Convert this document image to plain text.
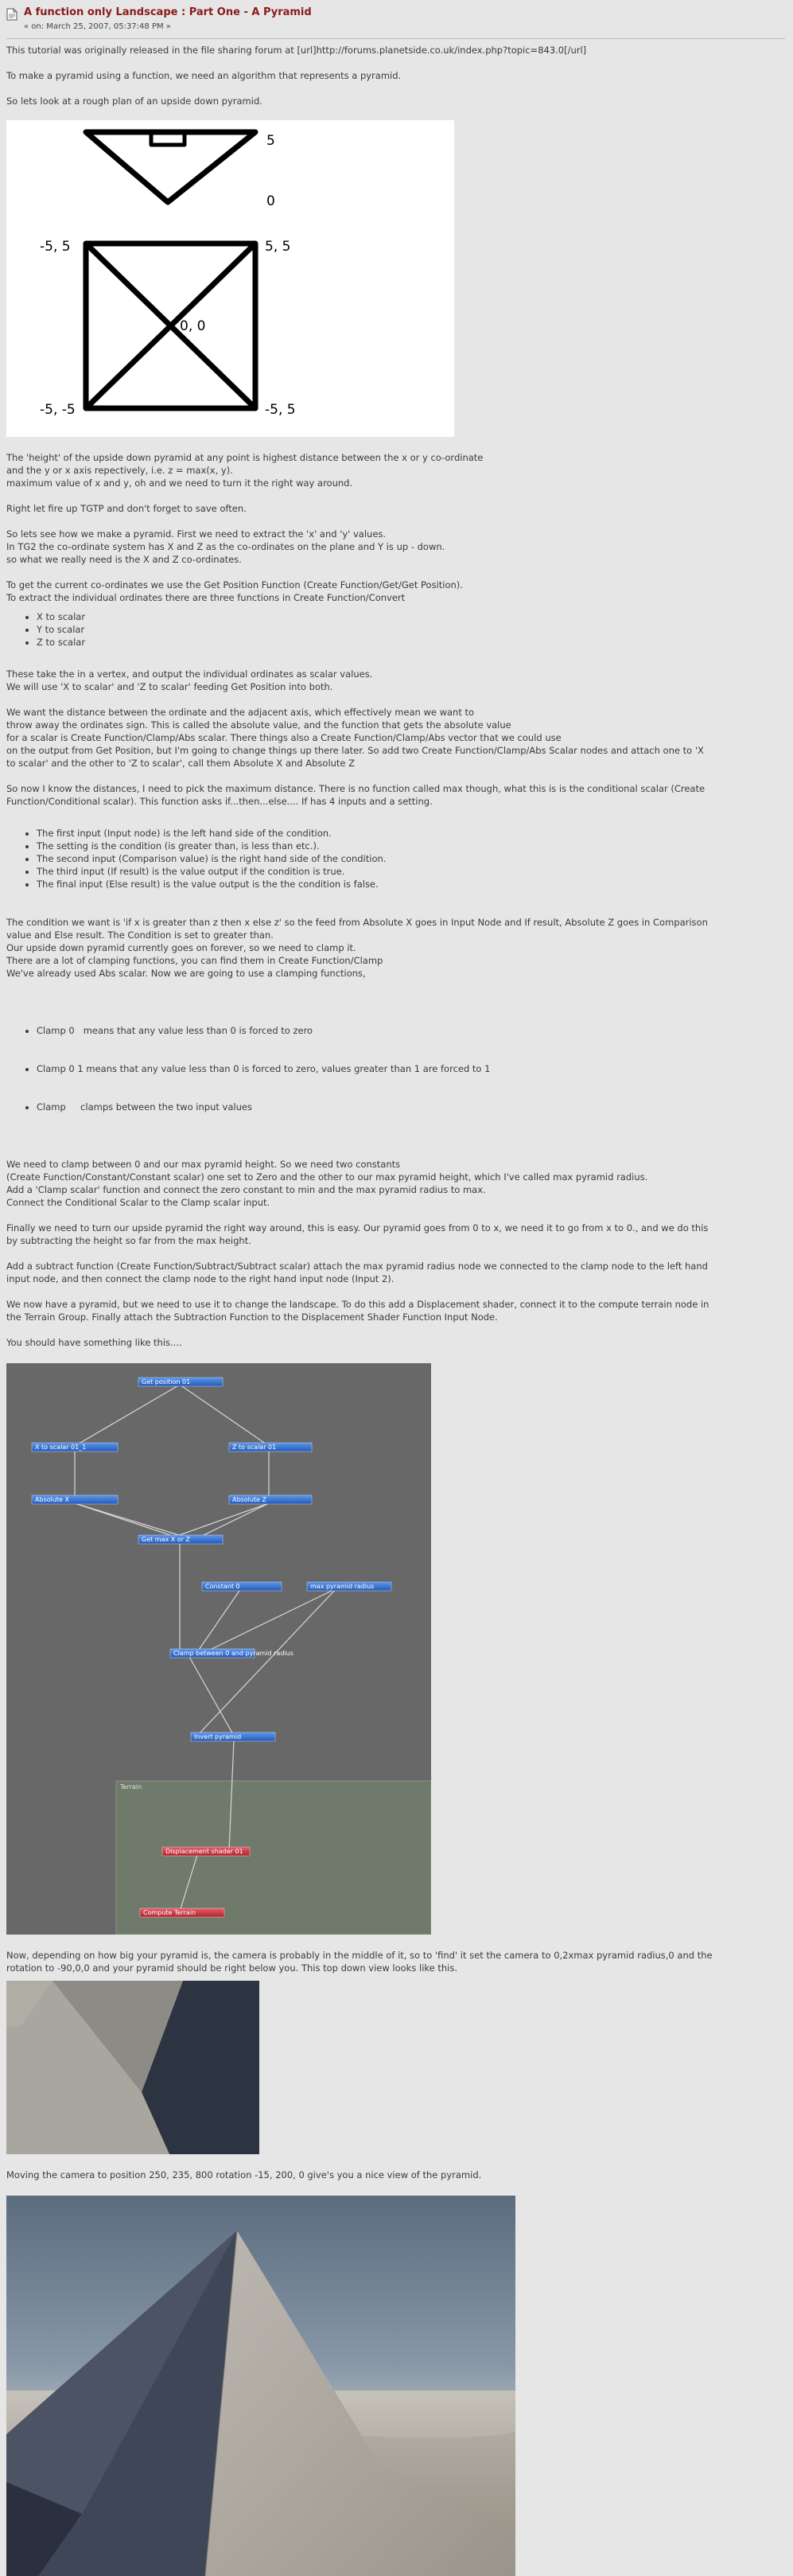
A function only Landscape : Part One - A Pyramid
« on: March 25, 2007, 05:37:48 PM »

This tutorial was originally released in the file sharing forum at [url]http://forums.planetside.co.uk/index.php?topic=843.0[/url]

To make a pyramid using a function, we need an algorithm that represents a pyramid.

So lets look at a rough plan of an upside down pyramid.

5
0
-5, 5	5, 5
0, 0
-5, -5	-5, 5

The 'height' of the upside down pyramid at any point is highest distance between the x or y co-ordinate
and the y or x axis repectively, i.e. z = max(x, y).
maximum value of x and y, oh and we need to turn it the right way around.

Right let fire up TGTP and don't forget to save often.

So lets see how we make a pyramid. First we need to extract the 'x' and 'y' values.
In TG2 the co-ordinate system has X and Z as the co-ordinates on the plane and Y is up - down.
so what we really need is the X and Z co-ordinates.

To get the current co-ordinates we use the Get Position Function (Create Function/Get/Get Position).
To extract the individual ordinates there are three functions in Create Function/Convert

• X to scalar
• Y to scalar
• Z to scalar

These take the in a vertex, and output the individual ordinates as scalar values.
We will use 'X to scalar' and 'Z to scalar' feeding Get Position into both.

We want the distance between the ordinate and the adjacent axis, which effectively mean we want to
throw away the ordinates sign. This is called the absolute value, and the function that gets the absolute value
for a scalar is Create Function/Clamp/Abs scalar. There things also a Create Function/Clamp/Abs vector that we could use
on the output from Get Position, but I'm going to change things up there later. So add two Create Function/Clamp/Abs Scalar nodes and attach one to 'X
to scalar' and the other to 'Z to scalar', call them Absolute X and Absolute Z

So now I know the distances, I need to pick the maximum distance. There is no function called max though, what this is is the conditional scalar (Create
Function/Conditional scalar). This function asks if...then...else.... If has 4 inputs and a setting.

• The first input (Input node) is the left hand side of the condition.
• The setting is the condition (is greater than, is less than etc.).
• The second input (Comparison value) is the right hand side of the condition.
• The third input (If result) is the value output if the condition is true.
• The final input (Else result) is the value output is the the condition is false.

The condition we want is 'if x is greater than z then x else z' so the feed from Absolute X goes in Input Node and If result, Absolute Z goes in Comparison
value and Else result. The Condition is set to greater than.
Our upside down pyramid currently goes on forever, so we need to clamp it.
There are a lot of clamping functions, you can find them in Create Function/Clamp
We've already used Abs scalar. Now we are going to use a clamping functions,

• Clamp 0   means that any value less than 0 is forced to zero

• Clamp 0 1 means that any value less than 0 is forced to zero, values greater than 1 are forced to 1

• Clamp     clamps between the two input values

We need to clamp between 0 and our max pyramid height. So we need two constants
(Create Function/Constant/Constant scalar) one set to Zero and the other to our max pyramid height, which I've called max pyramid radius.
Add a 'Clamp scalar' function and connect the zero constant to min and the max pyramid radius to max.
Connect the Conditional Scalar to the Clamp scalar input.

Finally we need to turn our upside pyramid the right way around, this is easy. Our pyramid goes from 0 to x, we need it to go from x to 0., and we do this
by subtracting the height so far from the max height.

Add a subtract function (Create Function/Subtract/Subtract scalar) attach the max pyramid radius node we connected to the clamp node to the left hand
input node, and then connect the clamp node to the right hand input node (Input 2).

We now have a pyramid, but we need to use it to change the landscape. To do this add a Displacement shader, connect it to the compute terrain node in
the Terrain Group. Finally attach the Subtraction Function to the Displacement Shader Function Input Node.

You should have something like this....

Terrain
Get position 01
X to scalar 01_1	Z to scalar 01
Absolute X	Absolute Z
Get max X or Z
Constant 0	max pyramid radius
Clamp between 0 and pyramid radius
Invert pyramid
Displacement shader 01
Compute Terrain

Now, depending on how big your pyramid is, the camera is probably in the middle of it, so to 'find' it set the camera to 0,2xmax pyramid radius,0 and the
rotation to -90,0,0 and your pyramid should be right below you. This top down view looks like this.

Moving the camera to position 250, 235, 800 rotation -15, 200, 0 give's you a nice view of the pyramid.
